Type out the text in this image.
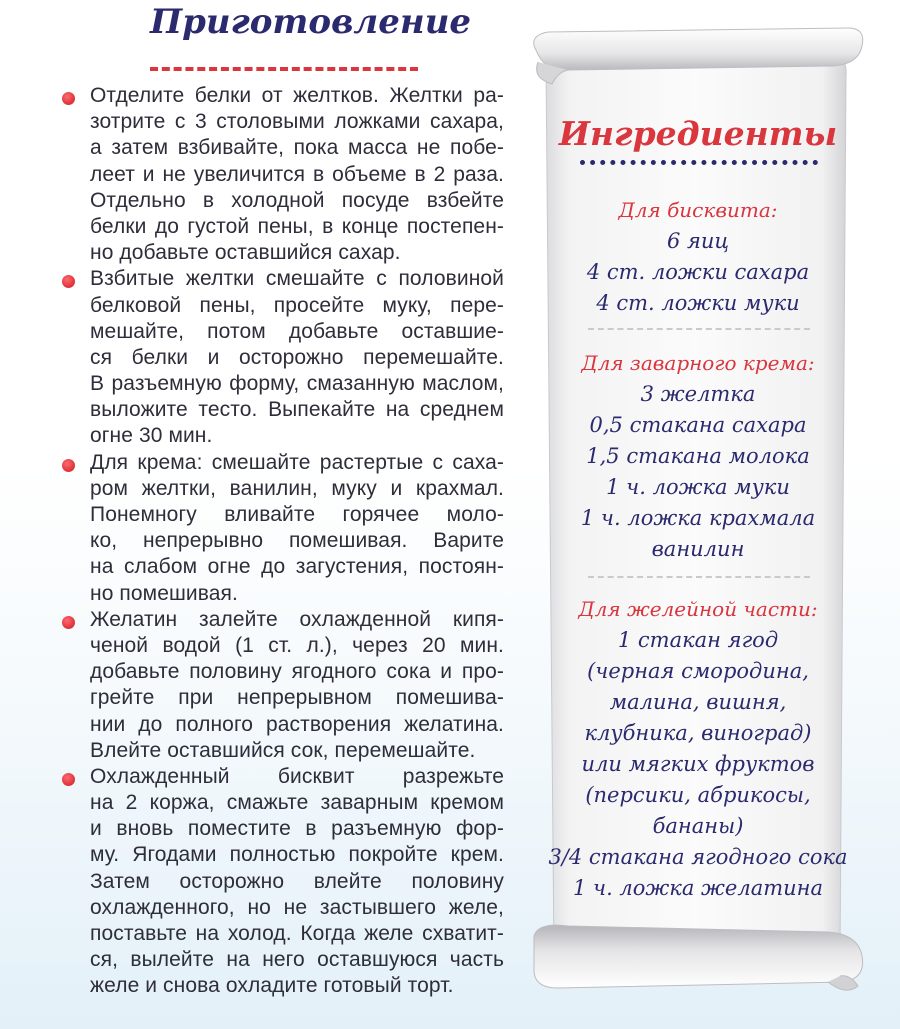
Приготовление
Отделите белки от желтков. Желтки ра-
зотрите с 3 столовыми ложками сахара,
а затем взбивайте, пока масса не побе-
леет и не увеличится в объеме в 2 раза.
Отдельно в холодной посуде взбейте
белки до густой пены, в конце постепен-
но добавьте оставшийся сахар.
Взбитые желтки смешайте с половиной
белковой пены, просейте муку, пере-
мешайте, потом добавьте оставшие-
ся белки и осторожно перемешайте.
В разъемную форму, смазанную маслом,
выложите тесто. Выпекайте на среднем
огне 30 мин.
Для крема: смешайте растертые с саха-
ром желтки, ванилин, муку и крахмал.
Понемногу вливайте горячее моло-
ко, непрерывно помешивая. Варите
на слабом огне до загустения, постоян-
но помешивая.
Желатин залейте охлажденной кипя-
ченой водой (1 ст. л.), через 20 мин.
добавьте половину ягодного сока и про-
грейте при непрерывном помешива-
нии до полного растворения желатина.
Влейте оставшийся сок, перемешайте.
Охлажденный бисквит разрежьте
на 2 коржа, смажьте заварным кремом
и вновь поместите в разъемную фор-
му. Ягодами полностью покройте крем.
Затем осторожно влейте половину
охлажденного, но не застывшего желе,
поставьте на холод. Когда желе схватит-
ся, вылейте на него оставшуюся часть
желе и снова охладите готовый торт.
Ингредиенты
Для бисквита:
6 яиц
4 ст. ложки сахара
4 ст. ложки муки
Для заварного крема:
3 желтка
0,5 стакана сахара
1,5 стакана молока
1 ч. ложка муки
1 ч. ложка крахмала
ванилин
Для желейной части:
1 стакан ягод
(черная смородина,
малина, вишня,
клубника, виноград)
или мягких фруктов
(персики, абрикосы,
бананы)
3/4 стакана ягодного сока
1 ч. ложка желатина
